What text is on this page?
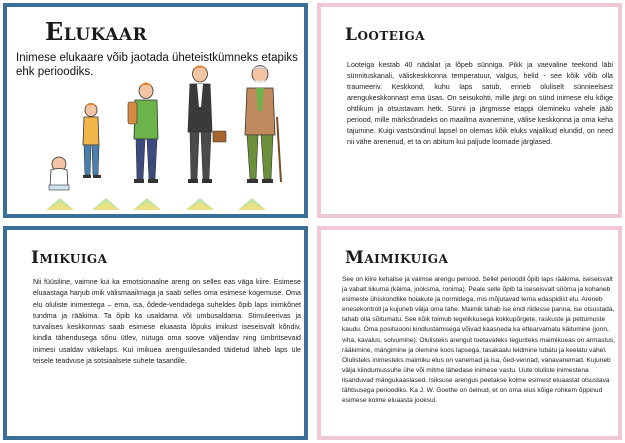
Elukaar
Inimese elukaare võib jaotada üheteistkümneks etapiks ehk perioodiks.
Looteiga
Looteiga kestab 40 nädalat ja lõpeb sünniga. Pikk ja vaevaline teekond läbi sünnituskanali, väliskeskkonna temperatuur, valgus, helid - see kõik võib olla traumeeriv. Keskkond, kuhu laps satub, erineb oluliselt sünnieelsest arengukeskkonnast ema üsas. On seisukohti, mille järgi on sünd inimese elu kõige ohtlikum ja otsustavam hetk. Sünni ja järgmisse etappi ülemineku vahele jääb periood, mille märksõnadeks on maailma avanemine, välise keskkonna ja oma keha tajumine. Kuigi vastsündinul lapsel on olemas kõik eluks vajalikud elundid, on need nii vähe arenenud, et ta on abitum kui paljude loomade järglased.
Imikuiga
Nii füüsiline, vaimne kui ka emotsionaalne areng on selles eas väga kiire. Esimese eluaastaga harjub imik välismaailmaga ja saab selles oma esimese kogemuse. Oma elu oluliste inimestega – ema, isa, õdede-vendadega suheldes õpib laps inimkõnet tundma ja rääkima. Ta õpib ka usaldama või umbusaldama. Stimuleerivas ja turvalises keskkonnas saab esimese eluaasta lõpuks imikust iseseisvalt kõndiv, kindla tähendusega sõnu ütlev, nutuga oma soove väljendav ning ümbritsevaid inimesi usaldav väikelaps. Kui imikueа arenguülesanded täidetud läheb laps üle teisele teadvuse ja sotsiaalsete suhete tasandile.
Maimikuiga
See on kiire kehalise ja vaimse arengu periood. Sellel perioodil õpib laps rääkima, iseseisvalt ja vabalt liikuma (käima, jooksma, ronima). Peale selle õpib ta iseseisvalt sööma ja kohaneb esimeste ühiskondlike hoiakute ja normidega, mis mõjutavad tema edaspidist elu. Areneb enesekontroll ja kujuneb välja oma tahe. Maimik tahab ise endi riidesse panna, ise otsustada, tahab olla sõltumatu. See kõik toimub tegelikkusega kokkupõrgete, raskuste ja pettumuste kaudu. Oma positsiooni kindlustamisega võivad kaasneda ka ettearvamatu käitumine (jonn, viha, kavalus, solvumine). Olulisteks arengut toetavateks teguriteks maimikueas on armastus, rääkimine, mängimine ja olemine koos lapsega, tasakaalu leidmine lubatu ja keelatu vahel. Olulisteks inimesteks maimiku elus on vanemad ja isa, õed-vennad, vanavanemad. Kujuneb välja kiindumussuhe ühe või mitme lähedase inimese vastu. Uute oluliste inimestena lisanduvad mängukaaslased. Isiksuse arengus peetakse kolme esimest eluaastat otsustava tähtsusega perioodiks. Ka J. W. Goethe on öelnud, et on oma elus kõige rohkem õppinud esimese kolme eluaasta jooksul.
